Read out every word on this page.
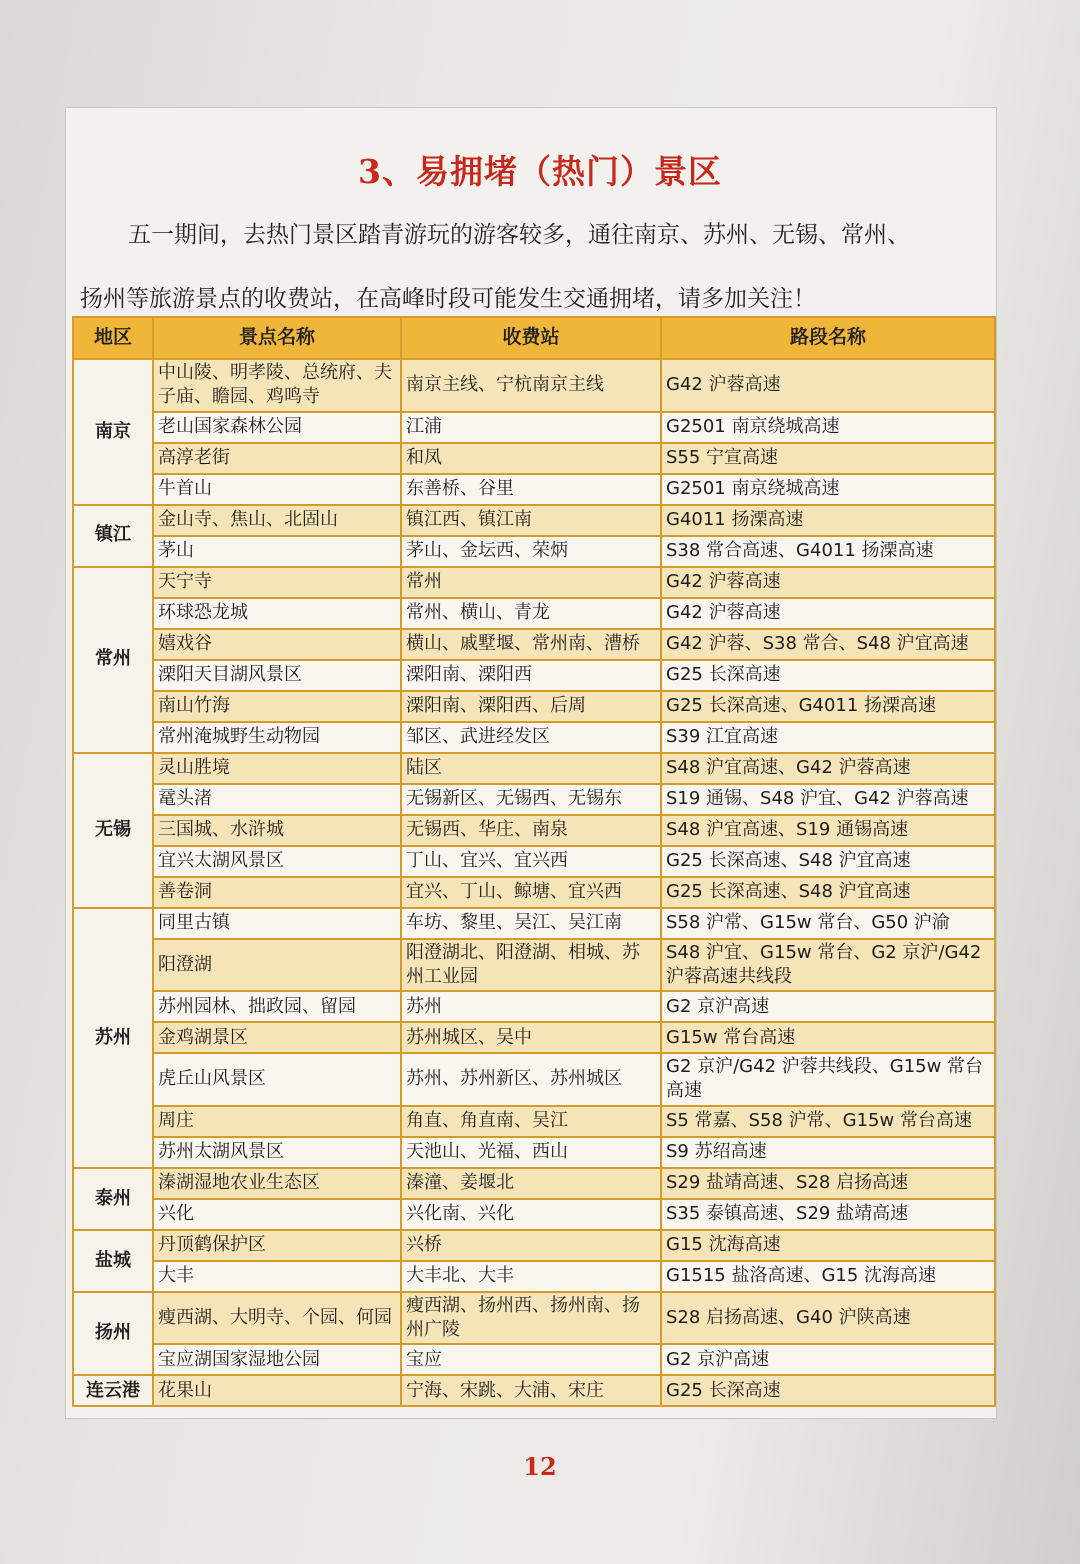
3、易拥堵（热门）景区
五一期间，去热门景区踏青游玩的游客较多，通往南京、苏州、无锡、常州、
扬州等旅游景点的收费站，在高峰时段可能发生交通拥堵，请多加关注！
地区	景点名称	收费站	路段名称
南京	中山陵、明孝陵、总统府、夫子庙、瞻园、鸡鸣寺	南京主线、宁杭南京主线	G42 沪蓉高速
	老山国家森林公园	江浦	G2501 南京绕城高速
	高淳老街	和凤	S55 宁宣高速
	牛首山	东善桥、谷里	G2501 南京绕城高速
镇江	金山寺、焦山、北固山	镇江西、镇江南	G4011 扬溧高速
	茅山	茅山、金坛西、荣炳	S38 常合高速、G4011 扬溧高速
常州	天宁寺	常州	G42 沪蓉高速
	环球恐龙城	常州、横山、青龙	G42 沪蓉高速
	嬉戏谷	横山、戚墅堰、常州南、漕桥	G42 沪蓉、S38 常合、S48 沪宜高速
	溧阳天目湖风景区	溧阳南、溧阳西	G25 长深高速
	南山竹海	溧阳南、溧阳西、后周	G25 长深高速、G4011 扬溧高速
	常州淹城野生动物园	邹区、武进经发区	S39 江宜高速
无锡	灵山胜境	陆区	S48 沪宜高速、G42 沪蓉高速
	鼋头渚	无锡新区、无锡西、无锡东	S19 通锡、S48 沪宜、G42 沪蓉高速
	三国城、水浒城	无锡西、华庄、南泉	S48 沪宜高速、S19 通锡高速
	宜兴太湖风景区	丁山、宜兴、宜兴西	G25 长深高速、S48 沪宜高速
	善卷洞	宜兴、丁山、鲸塘、宜兴西	G25 长深高速、S48 沪宜高速
苏州	同里古镇	车坊、黎里、吴江、吴江南	S58 沪常、G15w 常台、G50 沪渝
	阳澄湖	阳澄湖北、阳澄湖、相城、苏州工业园	S48 沪宜、G15w 常台、G2 京沪/G42 沪蓉高速共线段
	苏州园林、拙政园、留园	苏州	G2 京沪高速
	金鸡湖景区	苏州城区、吴中	G15w 常台高速
	虎丘山风景区	苏州、苏州新区、苏州城区	G2 京沪/G42 沪蓉共线段、G15w 常台高速
	周庄	角直、角直南、吴江	S5 常嘉、S58 沪常、G15w 常台高速
	苏州太湖风景区	天池山、光福、西山	S9 苏绍高速
泰州	溱湖湿地农业生态区	溱潼、姜堰北	S29 盐靖高速、S28 启扬高速
	兴化	兴化南、兴化	S35 泰镇高速、S29 盐靖高速
盐城	丹顶鹤保护区	兴桥	G15 沈海高速
	大丰	大丰北、大丰	G1515 盐洛高速、G15 沈海高速
扬州	瘦西湖、大明寺、个园、何园	瘦西湖、扬州西、扬州南、扬州广陵	S28 启扬高速、G40 沪陕高速
	宝应湖国家湿地公园	宝应	G2 京沪高速
连云港	花果山	宁海、宋跳、大浦、宋庄	G25 长深高速
12
